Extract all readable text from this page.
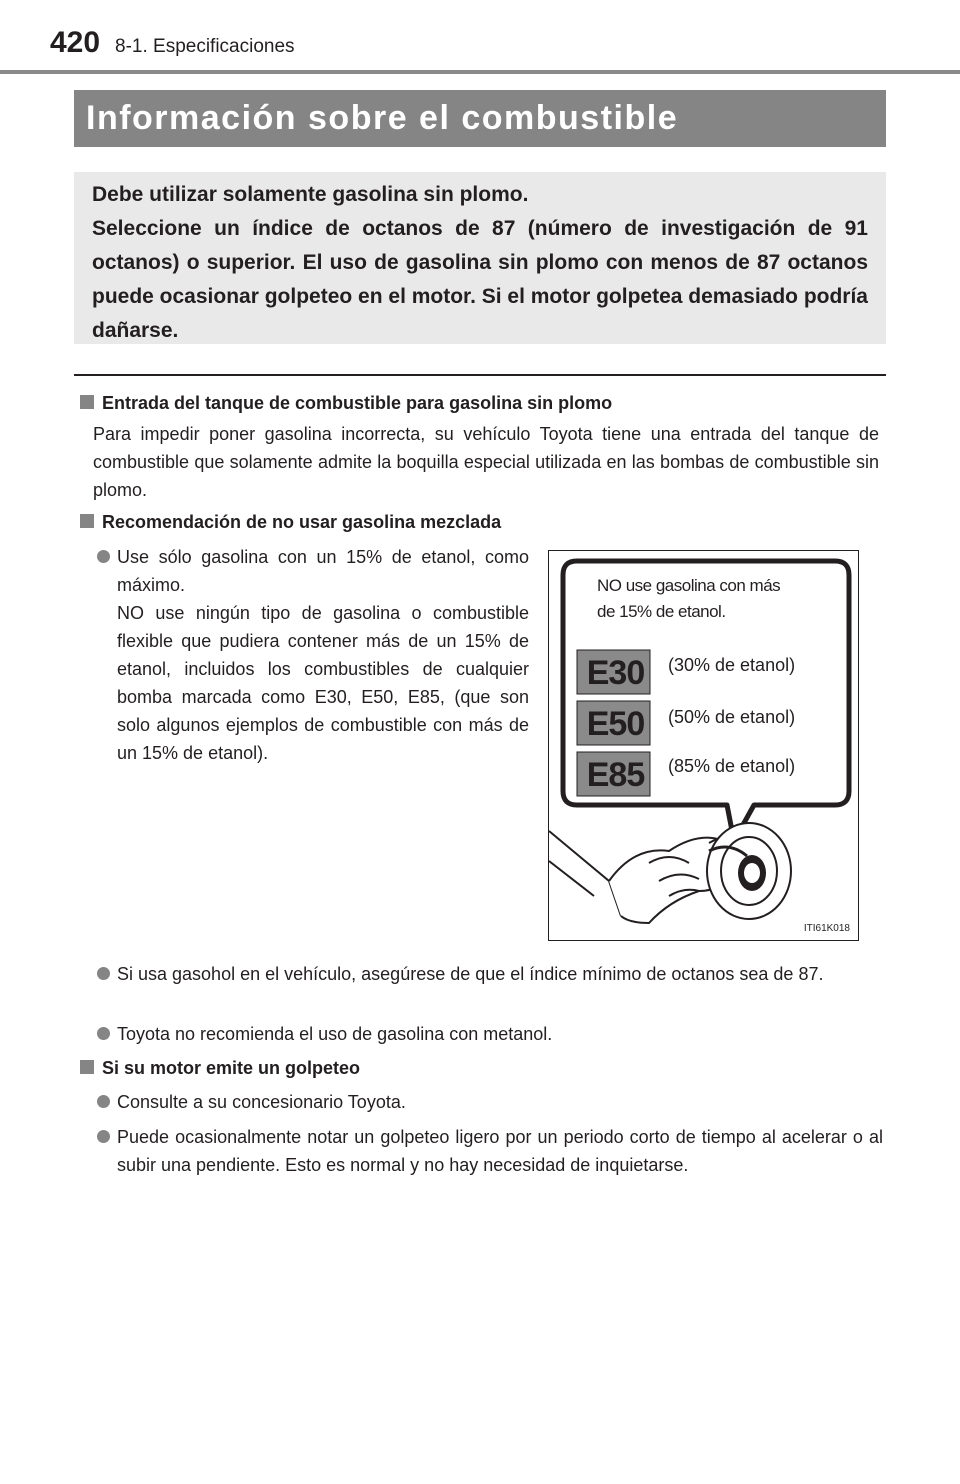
420 8-1. Especificaciones
Información sobre el combustible

Debe utilizar solamente gasolina sin plomo.

Seleccione un índice de octanos de 87 (número de investigación de 91 octanos) o superior. El uso de gasolina sin plomo con menos de 87 octanos puede ocasionar golpeteo en el motor. Si el motor golpetea demasiado podría dañarse.

Entrada del tanque de combustible para gasolina sin plomo

Para impedir poner gasolina incorrecta, su vehículo Toyota tiene una entrada del tanque de combustible que solamente admite la boquilla especial utilizada en las bombas de combustible sin plomo.

Recomendación de no usar gasolina mezclada
Use sólo gasolina con un 15% de etanol, como máximo.
NO use ningún tipo de gasolina o combustible flexible que pudiera contener más de un 15% de etanol, incluidos los combustibles de cualquier bomba marcada como E30, E50, E85, (que son solo algunos ejemplos de combustible con más de un 15% de etanol).
NO use gasolina con más
de 15% de etanol.
E30
E50
E85
(30% de etanol)
(50% de etanol)
(85% de etanol)
ITI61K018
Si usa gasohol en el vehículo, asegúrese de que el índice mínimo de octanos sea de 87.
Toyota no recomienda el uso de gasolina con metanol.
Si su motor emite un golpeteo
Consulte a su concesionario Toyota.
Puede ocasionalmente notar un golpeteo ligero por un periodo corto de tiempo al acelerar o al subir una pendiente. Esto es normal y no hay necesidad de inquietarse.
